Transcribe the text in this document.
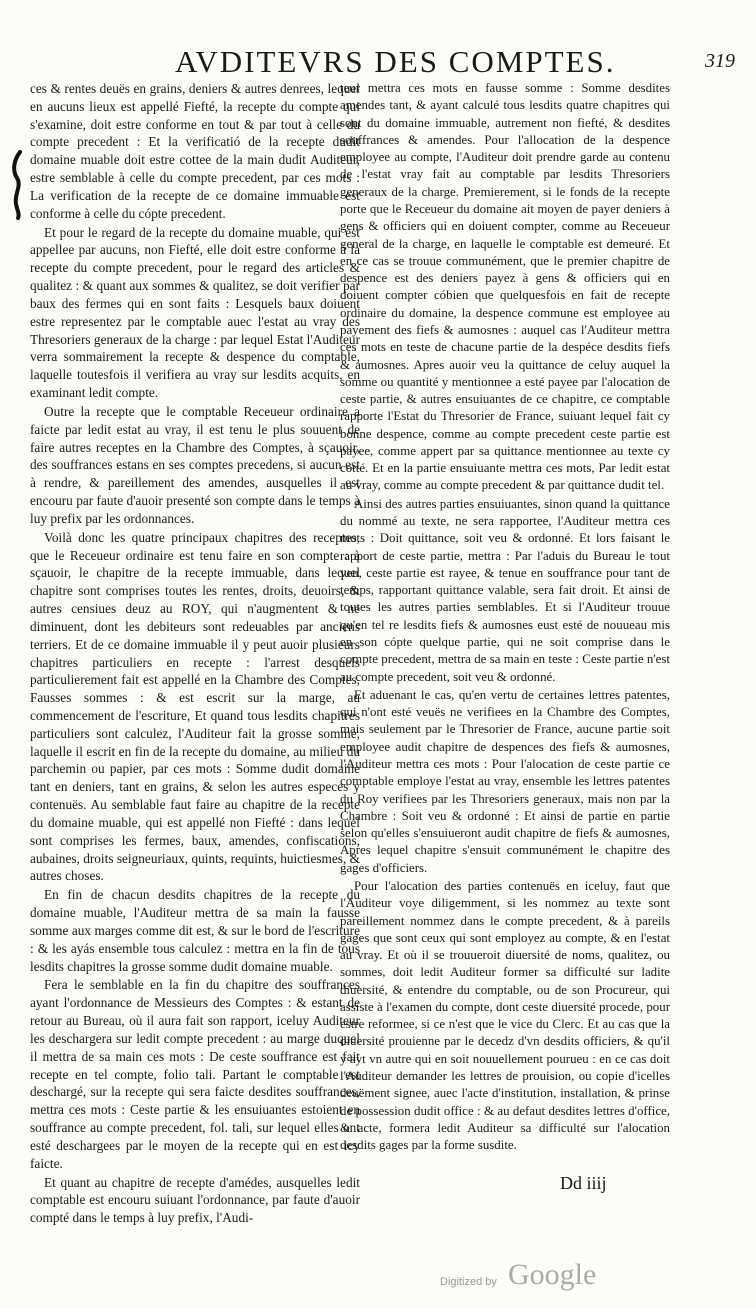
AVDITEVRS DES COMPTES.	319

ces & rentes deuës en grains, deniers & autres denrees, lequel en aucuns lieux est appellé Fiefté, la recepte du compte qui s'examine, doit estre conforme en tout & par tout à celle du compte precedent : Et la verificatió de la recepte dudit domaine muable doit estre cottee de la main dudit Auditeur, estre semblable à celle du compte precedent, par ces mots : La verification de la recepte de ce domaine immuable est conforme à celle du cópte precedent.

Et pour le regard de la recepte du domaine muable, qui est appellee par aucuns, non Fiefté, elle doit estre conforme à la recepte du compte precedent, pour le regard des articles & qualitez : & quant aux sommes & qualitez, se doit verifier par baux des fermes qui en sont faits : Lesquels baux doiuent estre representez par le comptable auec l'estat au vray des Thresoriers generaux de la charge : par lequel Estat l'Auditeur verra sommairement la recepte & despence du comptable, laquelle toutesfois il verifiera au vray sur lesdits acquits, en examinant ledit compte.

Outre la recepte que le comptable Receueur ordinaire a faicte par ledit estat au vray, il est tenu le plus souuent de faire autres receptes en la Chambre des Comptes, à sçauoir, des souffrances estans en ses comptes precedens, si aucun est à rendre, & pareillement des amendes, ausquelles il est encouru par faute d'auoir presenté son compte dans le temps à luy prefix par les ordonnances.

Voilà donc les quatre principaux chapitres des receptes, que le Receueur ordinaire est tenu faire en son compte : à sçauoir, le chapitre de la recepte immuable, dans lequel chapitre sont comprises toutes les rentes, droits, deuoirs, & autres censiues deuz au ROY, qui n'augmentent & ne diminuent, dont les debiteurs sont redeuables par anciens terriers. Et de ce domaine immuable il y peut auoir plusieurs chapitres particuliers en recepte : l'arrest desquels particulierement fait est appellé en la Chambre des Comptes, Fausses sommes : & est escrit sur la marge, au commencement de l'escriture, Et quand tous lesdits chapitres particuliers sont calculez, l'Auditeur fait la grosse somme, laquelle il escrit en fin de la recepte du domaine, au milieu du parchemin ou papier, par ces mots : Somme dudit domaine tant en deniers, tant en grains, & selon les autres especes y contenuës. Au semblable faut faire au chapitre de la recepte du domaine muable, qui est appellé non Fiefté : dans lequel sont comprises les fermes, baux, amendes, confiscations, aubaines, droits seigneuriaux, quints, requints, huictiesmes, & autres choses.

En fin de chacun desdits chapitres de la recepte du domaine muable, l'Auditeur mettra de sa main la fausse somme aux marges comme dit est, & sur le bord de l'escriture : & les ayás ensemble tous calculez : mettra en la fin de tous lesdits chapitres la grosse somme dudit domaine muable.

Fera le semblable en la fin du chapitre des souffrances ayant l'ordonnance de Messieurs des Comptes : & estant de retour au Bureau, où il aura fait son rapport, iceluy Auditeur les deschargera sur ledit compte precedent : au marge duquel il mettra de sa main ces mots : De ceste souffrance est fait recepte en tel compte, folio tali. Partant le comptable est deschargé, sur la recepte qui sera faicte desdites souffrances, mettra ces mots : Ceste partie & les ensuiuantes estoient en souffrance au compte precedent, fol. tali, sur lequel elles ont esté deschargees par le moyen de la recepte qui en est icy faicte.

Et quant au chapitre de recepte d'amédes, ausquelles ledit comptable est encouru suiuant l'ordonnance, par faute d'auoir compté dans le temps à luy prefix, l'Audi-

teur mettra ces mots en fausse somme : Somme desdites amendes tant, & ayant calculé tous lesdits quatre chapitres qui sont du domaine immuable, autrement non fiefté, & desdites souffrances & amendes. Pour l'allocation de la despence employee au compte, l'Auditeur doit prendre garde au contenu de l'estat vray fait au comptable par lesdits Thresoriers generaux de la charge. Premierement, si le fonds de la recepte porte que le Receueur du domaine ait moyen de payer deniers à gens & officiers qui en doiuent compter, comme au Receueur general de la charge, en laquelle le comptable est demeuré. Et en ce cas se trouue communément, que le premier chapitre de despence est des deniers payez à gens & officiers qui en doiuent compter cóbien que quelquesfois en fait de recepte ordinaire du domaine, la despence commune est employee au payement des fiefs & aumosnes : auquel cas l'Auditeur mettra ces mots en teste de chacune partie de la despéce desdits fiefs & aumosnes. Apres auoir veu la quittance de celuy auquel la somme ou quantité y mentionnee a esté payee par l'alocation de ceste partie, & autres ensuiuantes de ce chapitre, ce comptable rapporte l'Estat du Thresorier de France, suiuant lequel fait cy bonne despence, comme au compte precedent ceste partie est payee, comme appert par sa quittance mentionnee au texte cy cotté. Et en la partie ensuiuante mettra ces mots, Par ledit estat au vray, comme au compte precedent & par quittance dudit tel.

Ainsi des autres parties ensuiuantes, sinon quand la quittance du nommé au texte, ne sera rapportee, l'Auditeur mettra ces mots : Doit quittance, soit veu & ordonné. Et lors faisant le rapport de ceste partie, mettra : Par l'aduis du Bureau le tout veu, ceste partie est rayee, & tenue en souffrance pour tant de temps, rapportant quittance valable, sera fait droit. Et ainsi de toutes les autres parties semblables. Et si l'Auditeur trouue qu'en tel re lesdits fiefs & aumosnes eust esté de nouueau mis en son cópte quelque partie, qui ne soit comprise dans le compte precedent, mettra de sa main en teste : Ceste partie n'est au compte precedent, soit veu & ordonné.

Et aduenant le cas, qu'en vertu de certaines lettres patentes, qui n'ont esté veuës ne verifiees en la Chambre des Comptes, mais seulement par le Thresorier de France, aucune partie soit employee audit chapitre de despences des fiefs & aumosnes, l'Auditeur mettra ces mots : Pour l'alocation de ceste partie ce comptable employe l'estat au vray, ensemble les lettres patentes du Roy verifiees par les Thresoriers generaux, mais non par la Chambre : Soit veu & ordonné : Et ainsi de partie en partie selon qu'elles s'ensuiueront audit chapitre de fiefs & aumosnes, Apres lequel chapitre s'ensuit communément le chapitre des gages d'officiers.

Pour l'alocation des parties contenuës en iceluy, faut que l'Auditeur voye diligemment, si les nommez au texte sont pareillement nommez dans le compte precedent, & à pareils gages que sont ceux qui sont employez au compte, & en l'estat au vray. Et où il se trouueroit diuersité de noms, qualitez, ou sommes, doit ledit Auditeur former sa difficulté sur ladite diuersité, & entendre du comptable, ou de son Procureur, qui assiste à l'examen du compte, dont ceste diuersité procede, pour estre reformee, si ce n'est que le vice du Clerc. Et au cas que la diuersité prouienne par le decedz d'vn desdits officiers, & qu'il y ayt vn autre qui en soit nouuellement pourueu : en ce cas doit l'Auditeur demander les lettres de prouision, ou copie d'icelles deuëment signee, auec l'acte d'institution, installation, & prinse de possession dudit office : & au defaut desdites lettres d'office, & acte, formera ledit Auditeur sa difficulté sur l'alocation desdits gages par la forme susdite.

Dd iiij
Digitized by Google
